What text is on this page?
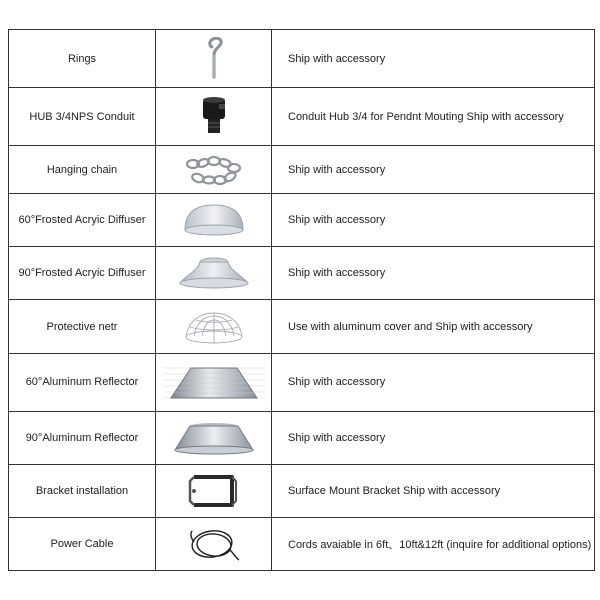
Rings		Ship with accessory
HUB 3/4NPS Conduit		Conduit Hub 3/4 for Pendnt Mouting Ship with accessory
Hanging chain		Ship with accessory
60°Frosted Acryic Diffuser		Ship with accessory
90°Frosted Acryic Diffuser		Ship with accessory
Protective netr		Use with aluminum cover and Ship with accessory
60°Aluminum Reflector		Ship with accessory
90°Aluminum Reflector		Ship with accessory
Bracket installation		Surface Mount Bracket Ship with accessory
Power Cable		Cords avaiable in 6ft、10ft&12ft (inquire for additional options)
